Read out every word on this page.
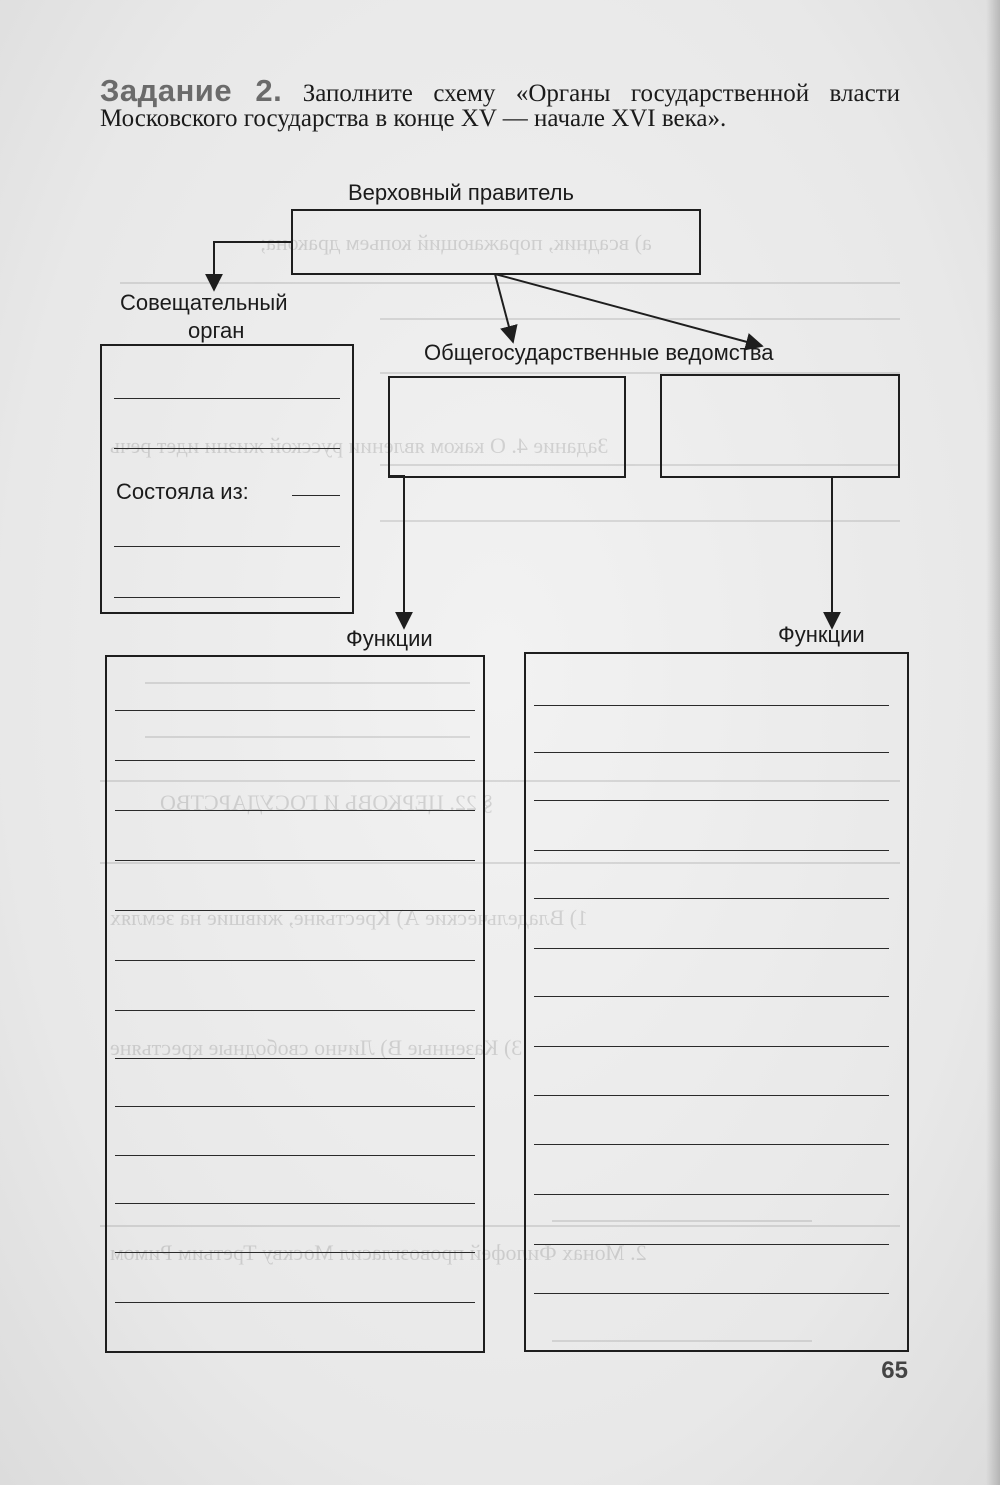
а) всадник, поражающий копьем дракона;
Задание 4. О каком явлении русской жизни идет речь
§ 22. ЦЕРКОВЬ И ГОСУДАРСТВО
1) Владельческие А) Крестьяне, жившие на землях
3) Казенные В) Лично свободные крестьяне
2. Монах Филофей провозгласил Москву Третьим Римом
Задание 2. Заполните схему «Органы государственной власти Московского государства в конце XV — начале XVI века».
Верховный правитель
Совещательный
орган
Общегосударственные ведомства
Функции	Функции
Состояла из:
65
